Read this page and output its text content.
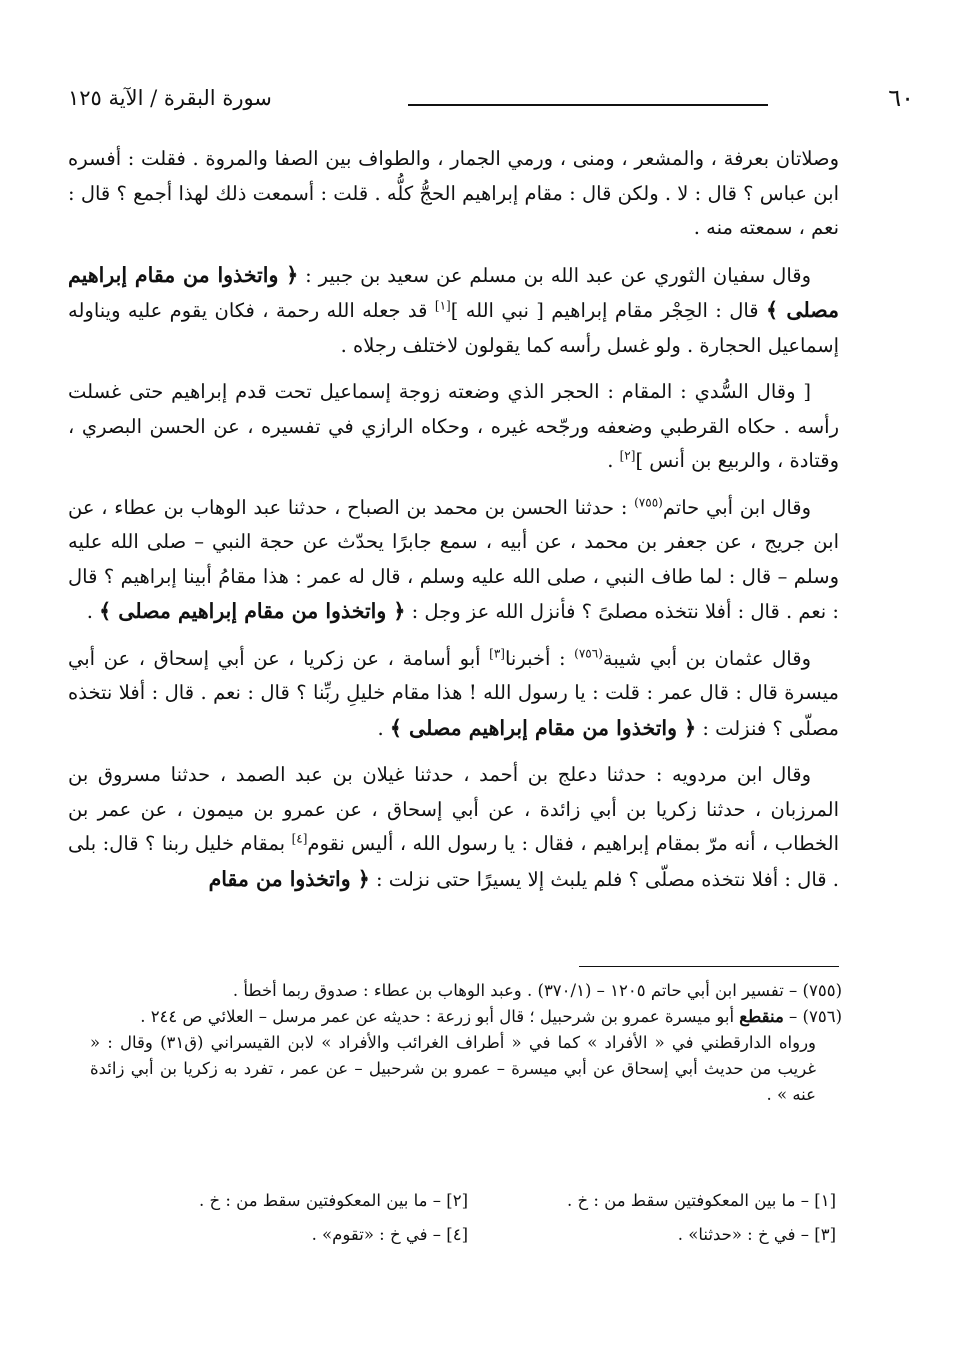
٦٠
سورة البقرة / الآية ١٢٥

وصلاتان بعرفة ، والمشعر ، ومنى ، ورمي الجمار ، والطواف بين الصفا والمروة . فقلت : أفسره ابن عباس ؟ قال : لا . ولكن قال : مقام إبراهيم الحجُّ كلُّه . قلت : أسمعت ذلك لهذا أجمع ؟ قال : نعم ، سمعته منه .

وقال سفيان الثوري عن عبد الله بن مسلم عن سعيد بن جبير : ﴿ واتخذوا من مقام إبراهيم مصلى ﴾ قال : الحِجْر مقام إبراهيم [ نبي الله ][١] قد جعله الله رحمة ، فكان يقوم عليه ويناوله إسماعيل الحجارة . ولو غسل رأسه كما يقولون لاختلف رجلاه .

[ وقال السُّدي : المقام : الحجر الذي وضعته زوجة إسماعيل تحت قدم إبراهيم حتى غسلت رأسه . حكاه القرطبي وضعفه ورجّحه غيره ، وحكاه الرازي في تفسيره ، عن الحسن البصري ، وقتادة ، والربيع بن أنس ][٢] .

وقال ابن أبي حاتم$^{(٧٥٥)}$ : حدثنا الحسن بن محمد بن الصباح ، حدثنا عبد الوهاب بن عطاء ، عن ابن جريج ، عن جعفر بن محمد ، عن أبيه ، سمع جابرًا يحدّث عن حجة النبي – صلى الله عليه وسلم – قال : لما طاف النبي ، صلى الله عليه وسلم ، قال له عمر : هذا مقامُ أبينا إبراهيم ؟ قال : نعم . قال : أفلا نتخذه مصلىً ؟ فأنزل الله عز وجل : ﴿ واتخذوا من مقام إبراهيم مصلى ﴾ .

وقال عثمان بن أبي شيبة$^{(٧٥٦)}$ : أخبرنا[٣] أبو أسامة ، عن زكريا ، عن أبي إسحاق ، عن أبي ميسرة قال : قال عمر : قلت : يا رسول الله ! هذا مقام خليلِ ربِّنا ؟ قال : نعم . قال : أفلا نتخذه مصلّى ؟ فنزلت : ﴿ واتخذوا من مقام إبراهيم مصلى ﴾ .

وقال ابن مردويه : حدثنا دعلج بن أحمد ، حدثنا غيلان بن عبد الصمد ، حدثنا مسروق بن المرزبان ، حدثنا زكريا بن أبي زائدة ، عن أبي إسحاق ، عن عمرو بن ميمون ، عن عمر بن الخطاب ، أنه مرّ بمقام إبراهيم ، فقال : يا رسول الله ، أليس نقوم[٤] بمقام خليل ربنا ؟ قال: بلى . قال : أفلا نتخذه مصلّى ؟ فلم يلبث إلا يسيرًا حتى نزلت : ﴿ واتخذوا من مقام

(٧٥٥) – تفسير ابن أبي حاتم ١٢٠٥ – (٣٧٠/١) . وعبد الوهاب بن عطاء : صدوق ربما أخطأ .

(٧٥٦) – منقطع أبو ميسرة عمرو بن شرحبيل ؛ قال أبو زرعة : حديثه عن عمر مرسل – العلائي ص ٢٤٤ .

ورواه الدارقطني في « الأفراد » كما في « أطراف الغرائب والأفراد » لابن القيسراني (ق٣١) وقال : « غريب من حديث أبي إسحاق عن أبي ميسرة – عمرو بن شرحبيل – عن عمر ، تفرد به زكريا بن أبي زائدة عنه » .

[١] – ما بين المعكوفتين سقط من : خ .
[٢] – ما بين المعكوفتين سقط من : خ .
[٣] – في خ : «حدثنا» .
[٤] – في خ : «تقوم» .
